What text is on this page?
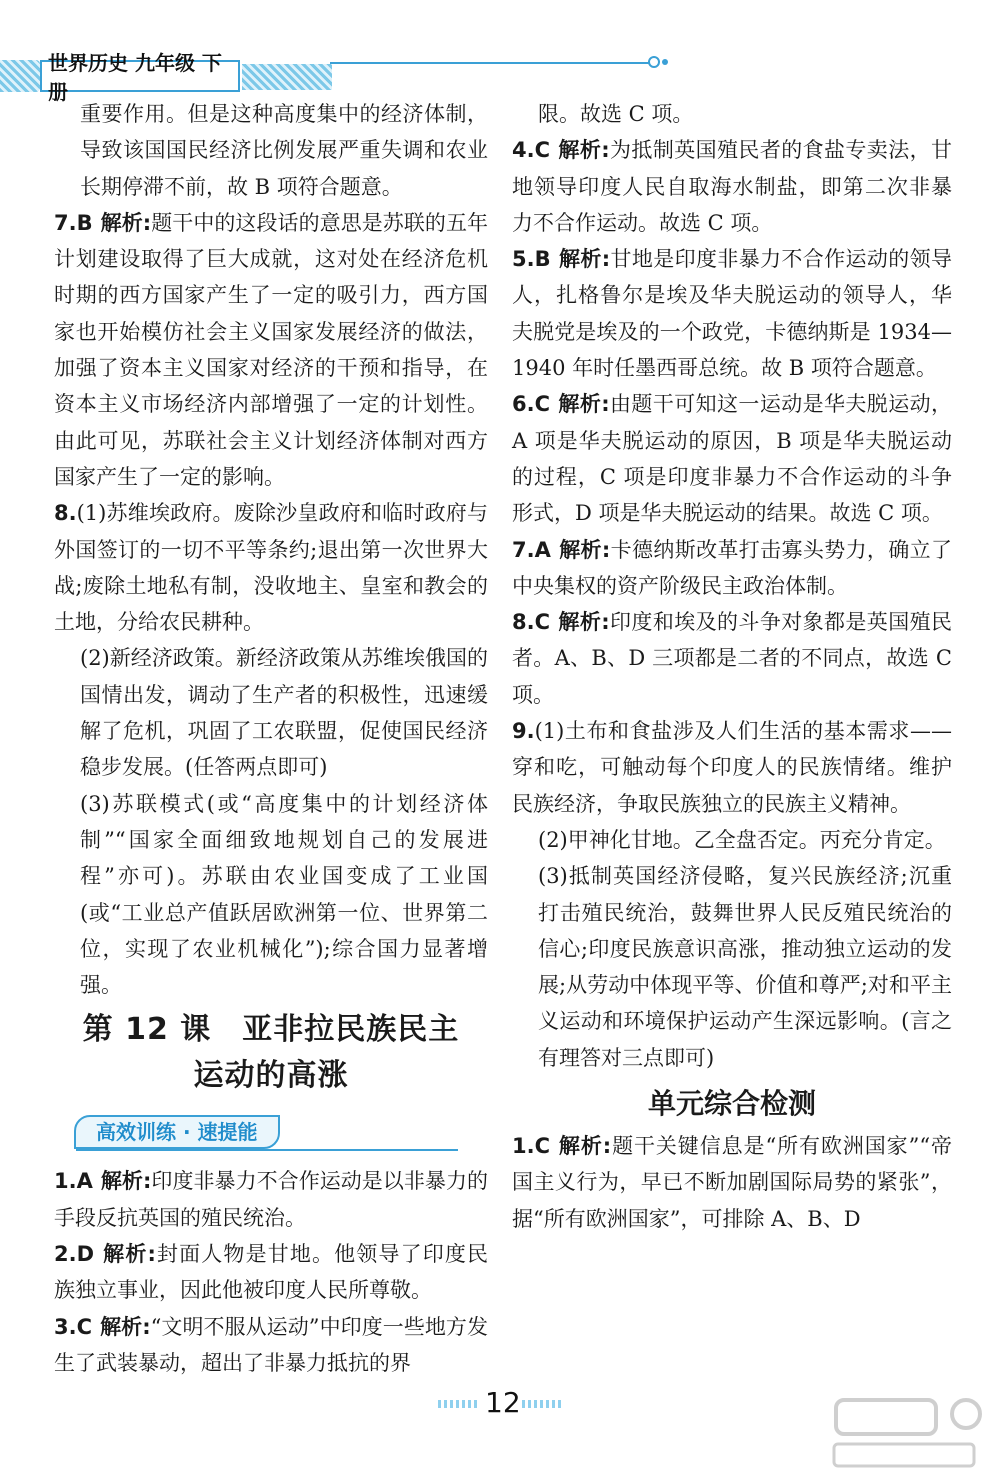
世界历史 九年级 下册

重要作用。但是这种高度集中的经济体制，导致该国国民经济比例发展严重失调和农业长期停滞不前，故 B 项符合题意。

7.B 解析:题干中的这段话的意思是苏联的五年计划建设取得了巨大成就，这对处在经济危机时期的西方国家产生了一定的吸引力，西方国家也开始模仿社会主义国家发展经济的做法，加强了资本主义国家对经济的干预和指导，在资本主义市场经济内部增强了一定的计划性。由此可见，苏联社会主义计划经济体制对西方国家产生了一定的影响。
8.(1)苏维埃政府。废除沙皇政府和临时政府与外国签订的一切不平等条约;退出第一次世界大战;废除土地私有制，没收地主、皇室和教会的土地，分给农民耕种。

(2)新经济政策。新经济政策从苏维埃俄国的国情出发，调动了生产者的积极性，迅速缓解了危机，巩固了工农联盟，促使国民经济稳步发展。(任答两点即可)

(3)苏联模式(或“高度集中的计划经济体制”“国家全面细致地规划自己的发展进程”亦可)。苏联由农业国变成了工业国(或“工业总产值跃居欧洲第一位、世界第二位，实现了农业机械化”);综合国力显著增强。

第 12 课　亚非拉民族民主
运动的高涨
高效训练 · 速提能
1.A 解析:印度非暴力不合作运动是以非暴力的手段反抗英国的殖民统治。
2.D 解析:封面人物是甘地。他领导了印度民族独立事业，因此他被印度人民所尊敬。
3.C 解析:“文明不服从运动”中印度一些地方发生了武装暴动，超出了非暴力抵抗的界

限。故选 C 项。

4.C 解析:为抵制英国殖民者的食盐专卖法，甘地领导印度人民自取海水制盐，即第二次非暴力不合作运动。故选 C 项。
5.B 解析:甘地是印度非暴力不合作运动的领导人，扎格鲁尔是埃及华夫脱运动的领导人，华夫脱党是埃及的一个政党，卡德纳斯是 1934—1940 年时任墨西哥总统。故 B 项符合题意。
6.C 解析:由题干可知这一运动是华夫脱运动，A 项是华夫脱运动的原因，B 项是华夫脱运动的过程，C 项是印度非暴力不合作运动的斗争形式，D 项是华夫脱运动的结果。故选 C 项。
7.A 解析:卡德纳斯改革打击寡头势力，确立了中央集权的资产阶级民主政治体制。
8.C 解析:印度和埃及的斗争对象都是英国殖民者。A、B、D 三项都是二者的不同点，故选 C 项。
9.(1)土布和食盐涉及人们生活的基本需求——穿和吃，可触动每个印度人的民族情绪。维护民族经济，争取民族独立的民族主义精神。

(2)甲神化甘地。乙全盘否定。丙充分肯定。

(3)抵制英国经济侵略，复兴民族经济;沉重打击殖民统治，鼓舞世界人民反殖民统治的信心;印度民族意识高涨，推动独立运动的发展;从劳动中体现平等、价值和尊严;对和平主义运动和环境保护运动产生深远影响。(言之有理答对三点即可)

单元综合检测
1.C 解析:题干关键信息是“所有欧洲国家”“帝国主义行为，早已不断加剧国际局势的紧张”，据“所有欧洲国家”，可排除 A、B、D
12
